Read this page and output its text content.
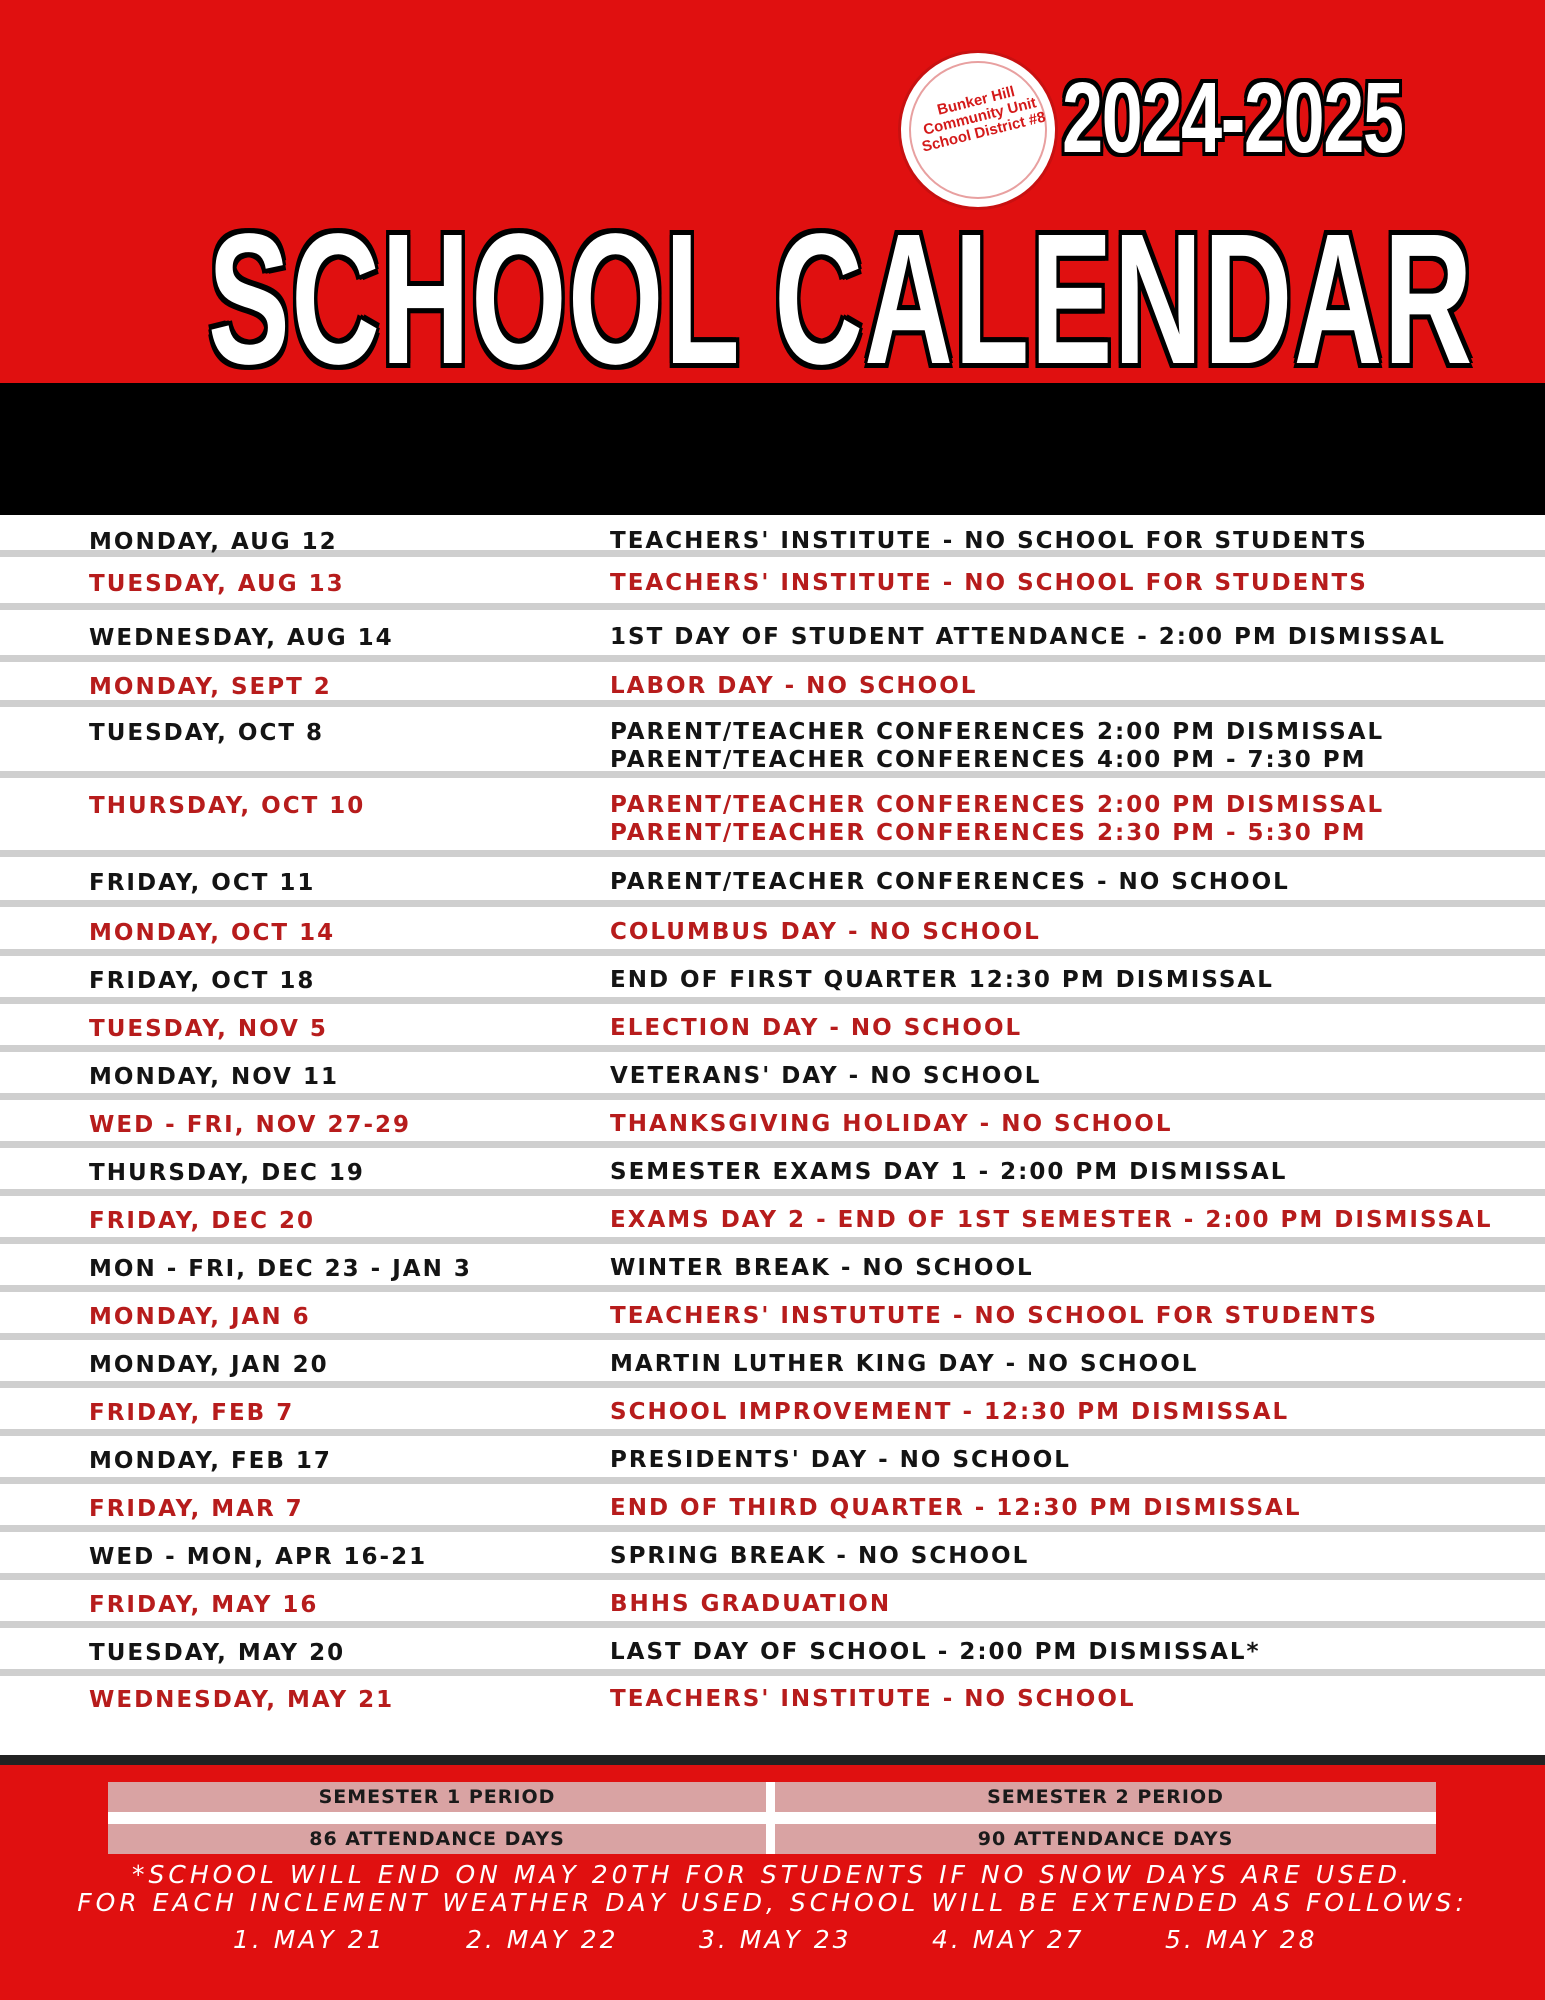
Bunker Hill Community Unit School District #8 2024-2025
SCHOOL CALENDAR
MONDAY, AUG 12	TEACHERS' INSTITUTE - NO SCHOOL FOR STUDENTS
TUESDAY, AUG 13	TEACHERS' INSTITUTE - NO SCHOOL FOR STUDENTS
WEDNESDAY, AUG 14	1ST DAY OF STUDENT ATTENDANCE - 2:00 PM DISMISSAL
MONDAY, SEPT 2	LABOR DAY - NO SCHOOL
TUESDAY, OCT 8	PARENT/TEACHER CONFERENCES 2:00 PM DISMISSAL
PARENT/TEACHER CONFERENCES 4:00 PM - 7:30 PM
THURSDAY, OCT 10	PARENT/TEACHER CONFERENCES 2:00 PM DISMISSAL
PARENT/TEACHER CONFERENCES 2:30 PM - 5:30 PM
FRIDAY, OCT 11	PARENT/TEACHER CONFERENCES - NO SCHOOL
MONDAY, OCT 14	COLUMBUS DAY - NO SCHOOL
FRIDAY, OCT 18	END OF FIRST QUARTER 12:30 PM DISMISSAL
TUESDAY, NOV 5	ELECTION DAY - NO SCHOOL
MONDAY, NOV 11	VETERANS' DAY - NO SCHOOL
WED - FRI, NOV 27-29	THANKSGIVING HOLIDAY - NO SCHOOL
THURSDAY, DEC 19	SEMESTER EXAMS DAY 1 - 2:00 PM DISMISSAL
FRIDAY, DEC 20	EXAMS DAY 2 - END OF 1ST SEMESTER - 2:00 PM DISMISSAL
MON - FRI, DEC 23 - JAN 3	WINTER BREAK - NO SCHOOL
MONDAY, JAN 6	TEACHERS' INSTUTUTE - NO SCHOOL FOR STUDENTS
MONDAY, JAN 20	MARTIN LUTHER KING DAY - NO SCHOOL
FRIDAY, FEB 7	SCHOOL IMPROVEMENT - 12:30 PM DISMISSAL
MONDAY, FEB 17	PRESIDENTS' DAY - NO SCHOOL
FRIDAY, MAR 7	END OF THIRD QUARTER - 12:30 PM DISMISSAL
WED - MON, APR 16-21	SPRING BREAK - NO SCHOOL
FRIDAY, MAY 16	BHHS GRADUATION
TUESDAY, MAY 20	LAST DAY OF SCHOOL - 2:00 PM DISMISSAL*
WEDNESDAY, MAY 21	TEACHERS' INSTITUTE - NO SCHOOL
SEMESTER 1 PERIOD	SEMESTER 2 PERIOD
86 ATTENDANCE DAYS	90 ATTENDANCE DAYS
*SCHOOL WILL END ON MAY 20TH FOR STUDENTS IF NO SNOW DAYS ARE USED.
FOR EACH INCLEMENT WEATHER DAY USED, SCHOOL WILL BE EXTENDED AS FOLLOWS:
1. MAY 21	2. MAY 22	3. MAY 23	4. MAY 27	5. MAY 28
